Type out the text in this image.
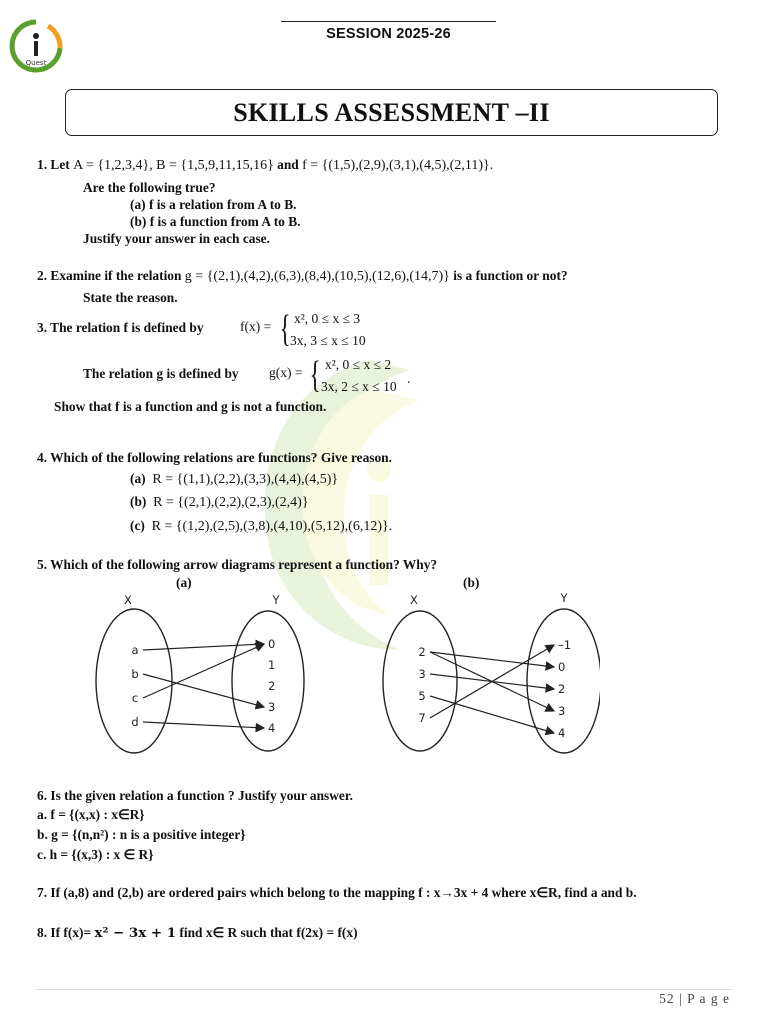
Quest
SESSION 2025-26
SKILLS ASSESSMENT –II
1. Let A = {1,2,3,4}, B = {1,5,9,11,15,16} and f = {(1,5),(2,9),(3,1),(4,5),(2,11)}.
Are the following true?
(a) f is a relation from A to B.
(b) f is a function from A to B.
Justify your answer in each case.
2. Examine if the relation g = {(2,1),(4,2),(6,3),(8,4),(10,5),(12,6),(14,7)} is a function or not?
State the reason.
3. The relation f is defined by	f(x) = { x², 0 ≤ x ≤ 3
3x, 3 ≤ x ≤ 10
The relation g is defined by g(x) = { x², 0 ≤ x ≤ 2
3x, 2 ≤ x ≤ 10
.
Show that f is a function and g is not a function.
4. Which of the following relations are functions? Give reason.
(a) R = {(1,1),(2,2),(3,3),(4,4),(4,5)}
(b) R = {(2,1),(2,2),(2,3),(2,4)}
(c) R = {(1,2),(2,5),(3,8),(4,10),(5,12),(6,12)}.
5. Which of the following arrow diagrams represent a function? Why?
(a)	(b)
X	Y
a
b
c
d
0
1
2
3
4
X	Y
2
3
5
7
–1
0
2
3
4
6. Is the given relation a function ? Justify your answer.
a. f = {(x,x) : x∈R}
b. g = {(n,n²) : n is a positive integer}
c. h = {(x,3) : x ∈ R}
7. If (a,8) and (2,b) are ordered pairs which belong to the mapping f : x→3x + 4 where x∈R, find a and b.
8. If f(x)= x² − 3x + 1 find x∈ R such that f(2x) = f(x)
52 | P a g e
